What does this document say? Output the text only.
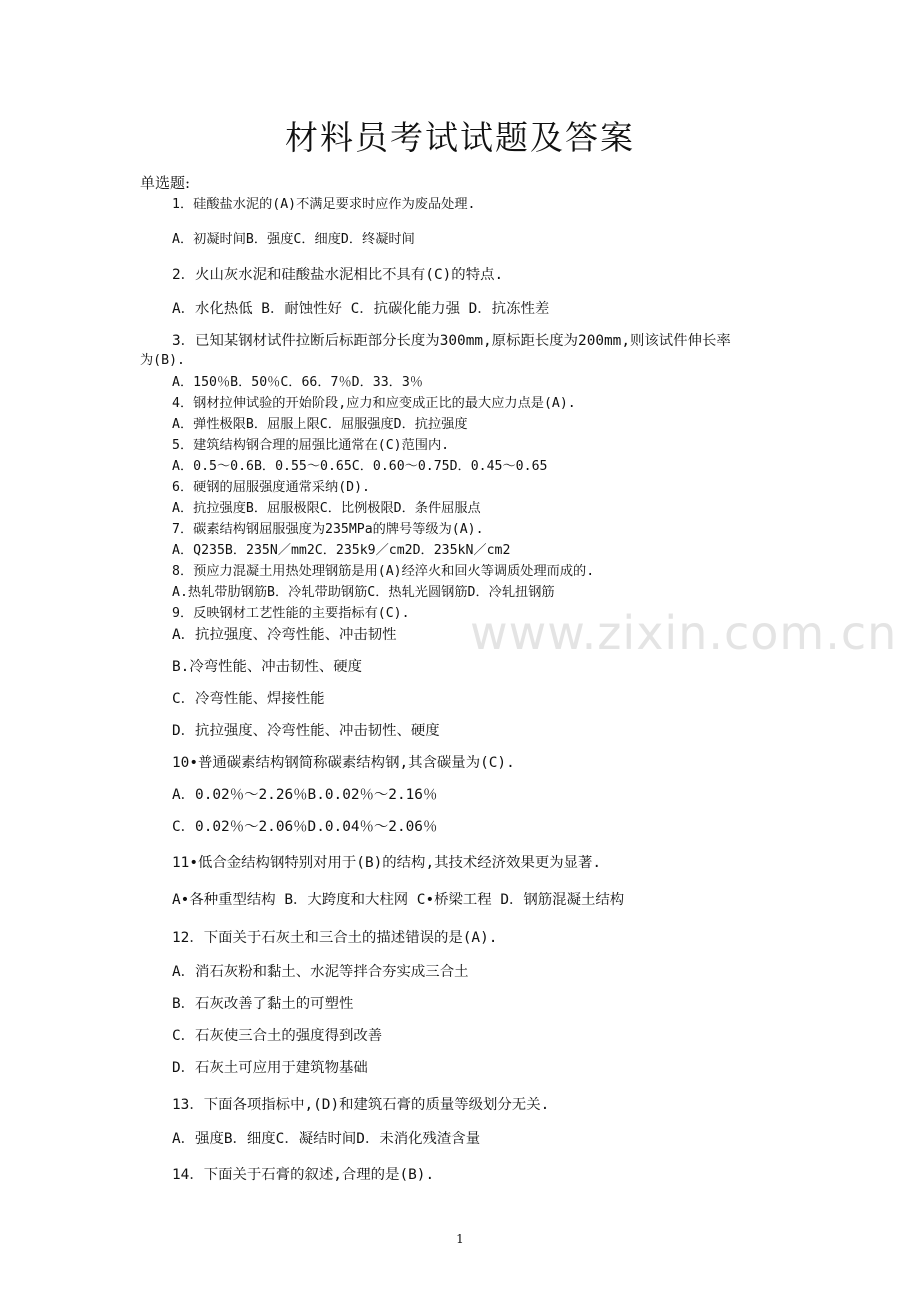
材料员考试试题及答案
单选题:
www.zixin.com.cn
1．硅酸盐水泥的(A)不满足要求时应作为废品处理.
A．初凝时间B．强度C．细度D．终凝时间
2．火山灰水泥和硅酸盐水泥相比不具有(C)的特点.
A．水化热低 B．耐蚀性好 C．抗碳化能力强 D．抗冻性差
3．已知某钢材试件拉断后标距部分长度为300mm,原标距长度为200mm,则该试件伸长率
为(B).
A．150％B．50％C．66．7％D．33．3％
4．钢材拉伸试验的开始阶段,应力和应变成正比的最大应力点是(A).
A．弹性极限B．屈服上限C．屈服强度D．抗拉强度
5．建筑结构钢合理的屈强比通常在(C)范围内.
A．0.5～0.6B．0.55～0.65C．0.60～0.75D．0.45～0.65
6．硬钢的屈服强度通常采纳(D).
A．抗拉强度B．屈服极限C．比例极限D．条件屈服点
7．碳素结构钢屈服强度为235MPa的牌号等级为(A).
A．Q235B．235N／mm2C．235k9／cm2D．235kN／cm2
8．预应力混凝土用热处理钢筋是用(A)经淬火和回火等调质处理而成的.
A.热轧带肋钢筋B．冷轧带助钢筋C．热轧光圆钢筋D．冷轧扭钢筋
9．反映钢材工艺性能的主要指标有(C).
A．抗拉强度、冷弯性能、冲击韧性
B.冷弯性能、冲击韧性、硬度
C．冷弯性能、焊接性能
D．抗拉强度、冷弯性能、冲击韧性、硬度
10•普通碳素结构钢简称碳素结构钢,其含碳量为(C).
A．0.02％～2.26％B.0.02％～2.16％
C．0.02％～2.06％D.0.04％～2.06％
11•低合金结构钢特别对用于(B)的结构,其技术经济效果更为显著.
A•各种重型结构 B．大跨度和大柱网 C•桥梁工程 D．钢筋混凝土结构
12．下面关于石灰土和三合土的描述错误的是(A).
A．消石灰粉和黏土、水泥等拌合夯实成三合土
B．石灰改善了黏土的可塑性
C．石灰使三合土的强度得到改善
D．石灰土可应用于建筑物基础
13．下面各项指标中,(D)和建筑石膏的质量等级划分无关.
A．强度B．细度C．凝结时间D．未消化残渣含量
14．下面关于石膏的叙述,合理的是(B).
1
